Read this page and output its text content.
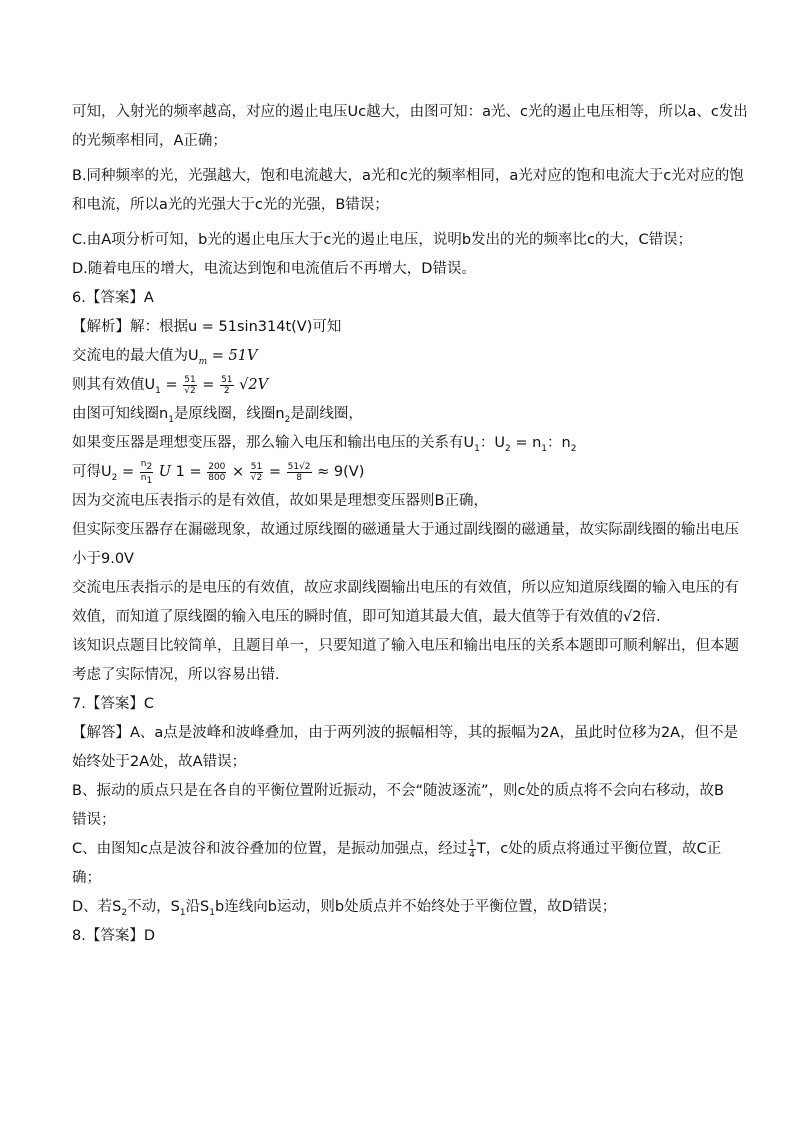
可知，入射光的频率越高，对应的遏止电压Uc越大，由图可知：a光、c光的遏止电压相等，所以a、c发出
的光频率相同，A正确；
B.同种频率的光，光强越大，饱和电流越大，a光和c光的频率相同，a光对应的饱和电流大于c光对应的饱
和电流，所以a光的光强大于c光的光强，B错误；
C.由A项分析可知，b光的遏止电压大于c光的遏止电压，说明b发出的光的频率比c的大，C错误；
D.随着电压的增大，电流达到饱和电流值后不再增大，D错误。
6.【答案】A
【解析】解：根据u = 51sin314t(V)可知
交流电的最大值为$U_m = 51V$
则其有效值$U_1 = \frac{51}{√2} = \frac{51}{2} √2V$
由图可知线圈$n_1$是原线圈，线圈$n_2$是副线圈，
如果变压器是理想变压器，那么输入电压和输出电压的关系有$U_1$：$U_2 = n_1$：$n_2$
可得$U_2 = \frac{n_2}{n_1}$ U $1 = \frac{200}{800} \times \frac{51}{√2} = \frac{51√2}{8} \approx 9(V)$
因为交流电压表指示的是有效值，故如果是理想变压器则B正确，
但实际变压器存在漏磁现象，故通过原线圈的磁通量大于通过副线圈的磁通量，故实际副线圈的输出电压
小于9.0V
交流电压表指示的是电压的有效值，故应求副线圈输出电压的有效值，所以应知道原线圈的输入电压的有
效值，而知道了原线圈的输入电压的瞬时值，即可知道其最大值，最大值等于有效值的√2倍.
该知识点题目比较简单，且题目单一，只要知道了输入电压和输出电压的关系本题即可顺利解出，但本题
考虑了实际情况，所以容易出错．
7.【答案】C
【解答】A、a点是波峰和波峰叠加，由于两列波的振幅相等，其的振幅为2A，虽此时位移为2A，但不是
始终处于2A处，故A错误；
B、振动的质点只是在各自的平衡位置附近振动，不会“随波逐流”，则c处的质点将不会向右移动，故B
错误；
C、由图知c点是波谷和波谷叠加的位置，是振动加强点，经过 $\frac{1}{4}$ T，c处的质点将通过平衡位置，故C正
确；
D、若$S_2$不动，$S_1$沿$S_1b$连线向b运动，则b处质点并不始终处于平衡位置，故D错误；
8.【答案】D
